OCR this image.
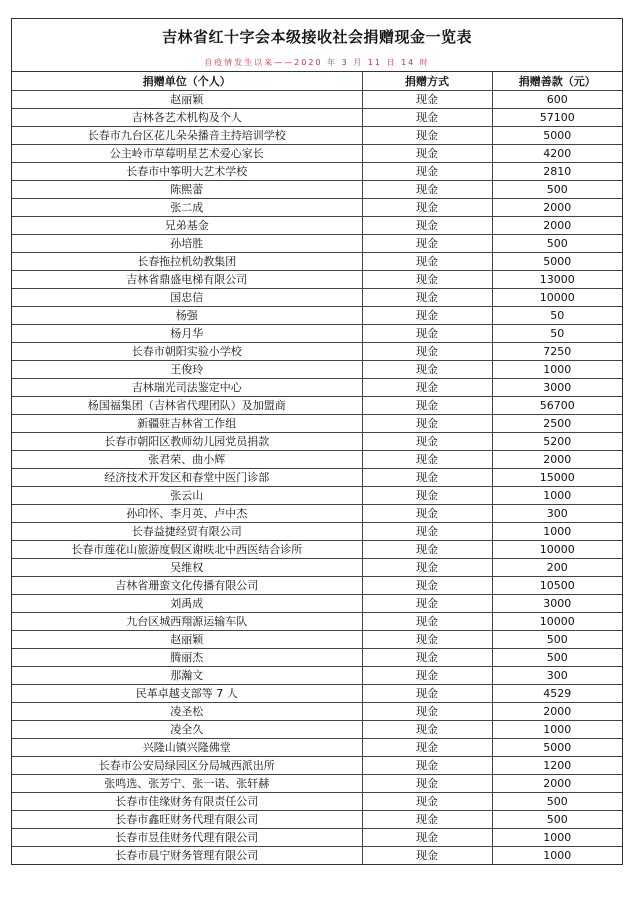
吉林省红十字会本级接收社会捐赠现金一览表
自疫情发生以来——2020 年 3 月 11 日 14 时
捐赠单位（个人）	捐赠方式	捐赠善款（元）
赵丽颖	现金	600
吉林各艺术机构及个人	现金	57100
长春市九台区花儿朵朵播音主持培训学校	现金	5000
公主岭市草莓明星艺术爱心家长	现金	4200
长春市中筝明大艺术学校	现金	2810
陈熙蕾	现金	500
张二成	现金	2000
兄弟基金	现金	2000
孙培胜	现金	500
长春拖拉机幼教集团	现金	5000
吉林省鼎盛电梯有限公司	现金	13000
国忠信	现金	10000
杨强	现金	50
杨月华	现金	50
长春市朝阳实验小学校	现金	7250
王俊玲	现金	1000
吉林瑞光司法鉴定中心	现金	3000
杨国福集团（吉林省代理团队）及加盟商	现金	56700
新疆驻吉林省工作组	现金	2500
长春市朝阳区教师幼儿园党员捐款	现金	5200
张君荣、曲小辉	现金	2000
经济技术开发区和春堂中医门诊部	现金	15000
张云山	现金	1000
孙印怀、李月英、卢中杰	现金	300
长春益捷经贸有限公司	现金	1000
长春市莲花山旅游度假区谢昳北中西医结合诊所	现金	10000
吴维权	现金	200
吉林省珊蛮文化传播有限公司	现金	10500
刘禹成	现金	3000
九台区城西翔源运输车队	现金	10000
赵丽颖	现金	500
腾丽杰	现金	500
那瀚文	现金	300
民革卓越支部等 7 人	现金	4529
凌圣松	现金	2000
凌全久	现金	1000
兴隆山镇兴隆佛堂	现金	5000
长春市公安局绿园区分局城西派出所	现金	1200
张鸣选、张芳宁、张一诺、张轩赫	现金	2000
长春市佳缘财务有限责任公司	现金	500
长春市鑫旺财务代理有限公司	现金	500
长春市昱佳财务代理有限公司	现金	1000
长春市晨宁财务管理有限公司	现金	1000
